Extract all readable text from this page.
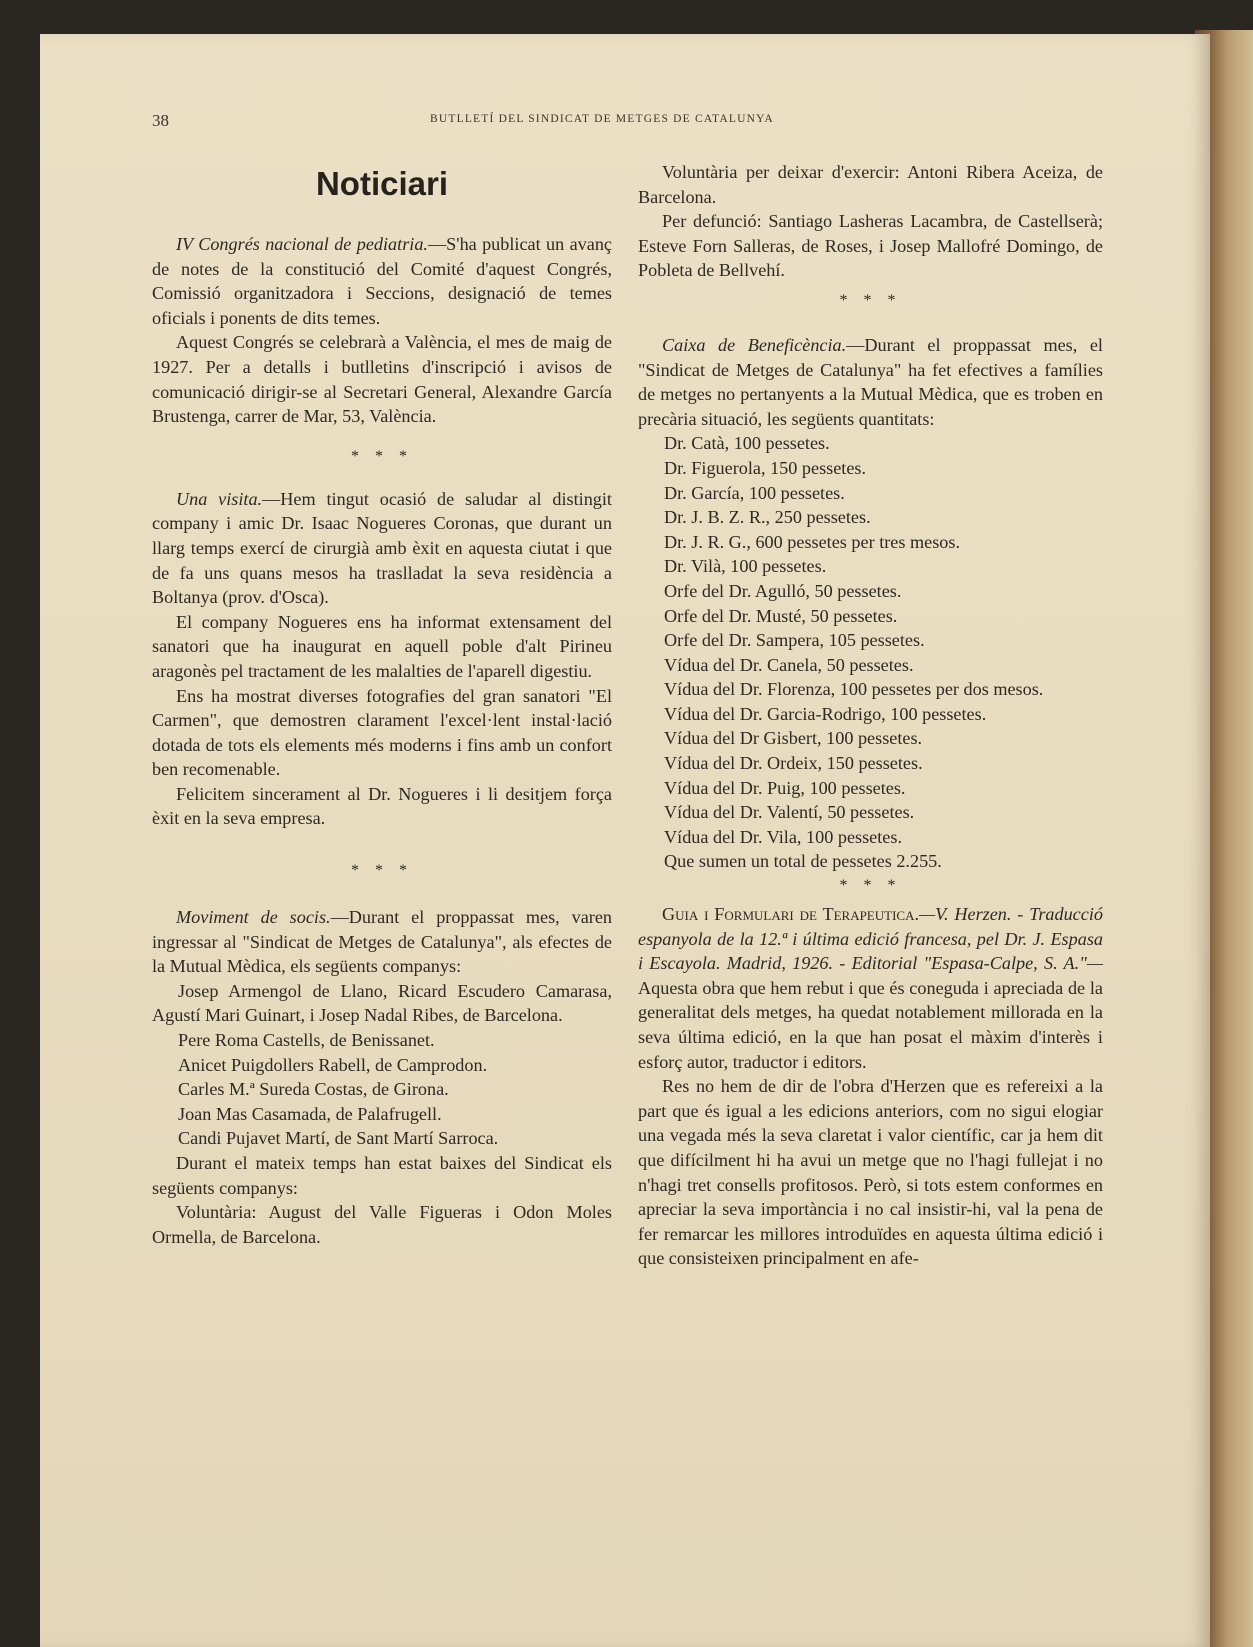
38	BUTLLETÍ DEL SINDICAT DE METGES DE CATALUNYA
Noticiari

IV Congrés nacional de pediatria.—S'ha publicat un avanç de notes de la constitució del Comité d'aquest Congrés, Comissió organitzadora i Seccions, designació de temes oficials i ponents de dits temes.

Aquest Congrés se celebrarà a València, el mes de maig de 1927. Per a detalls i butlletins d'inscripció i avisos de comunicació dirigir-se al Secretari General, Alexandre García Brustenga, carrer de Mar, 53, València.

* * *

Una visita.—Hem tingut ocasió de saludar al distingit company i amic Dr. Isaac Nogueres Coronas, que durant un llarg temps exercí de cirurgià amb èxit en aquesta ciutat i que de fa uns quans mesos ha traslladat la seva residència a Boltanya (prov. d'Osca).

El company Nogueres ens ha informat extensament del sanatori que ha inaugurat en aquell poble d'alt Pirineu aragonès pel tractament de les malalties de l'aparell digestiu.

Ens ha mostrat diverses fotografies del gran sanatori "El Carmen", que demostren clarament l'excel·lent instal·lació dotada de tots els elements més moderns i fins amb un confort ben recomenable.

Felicitem sincerament al Dr. Nogueres i li desitjem força èxit en la seva empresa.

* * *

Moviment de socis.—Durant el proppassat mes, varen ingressar al "Sindicat de Metges de Catalunya", als efectes de la Mutual Mèdica, els següents companys:

Josep Armengol de Llano, Ricard Escudero Camarasa, Agustí Mari Guinart, i Josep Nadal Ribes, de Barcelona.

Pere Roma Castells, de Benissanet.

Anicet Puigdollers Rabell, de Camprodon.

Carles M.ª Sureda Costas, de Girona.

Joan Mas Casamada, de Palafrugell.

Candi Pujavet Martí, de Sant Martí Sarroca.

Durant el mateix temps han estat baixes del Sindicat els següents companys:

Voluntària: August del Valle Figueras i Odon Moles Ormella, de Barcelona.

Voluntària per deixar d'exercir: Antoni Ribera Aceiza, de Barcelona.

Per defunció: Santiago Lasheras Lacambra, de Castellserà; Esteve Forn Salleras, de Roses, i Josep Mallofré Domingo, de Pobleta de Bellvehí.

* * *

Caixa de Beneficència.—Durant el proppassat mes, el "Sindicat de Metges de Catalunya" ha fet efectives a famílies de metges no pertanyents a la Mutual Mèdica, que es troben en precària situació, les següents quantitats:

Dr. Catà, 100 pessetes.

Dr. Figuerola, 150 pessetes.

Dr. García, 100 pessetes.

Dr. J. B. Z. R., 250 pessetes.

Dr. J. R. G., 600 pessetes per tres mesos.

Dr. Vilà, 100 pessetes.

Orfe del Dr. Agulló, 50 pessetes.

Orfe del Dr. Musté, 50 pessetes.

Orfe del Dr. Sampera, 105 pessetes.

Vídua del Dr. Canela, 50 pessetes.

Vídua del Dr. Florenza, 100 pessetes per dos mesos.

Vídua del Dr. Garcia-Rodrigo, 100 pessetes.

Vídua del Dr Gisbert, 100 pessetes.

Vídua del Dr. Ordeix, 150 pessetes.

Vídua del Dr. Puig, 100 pessetes.

Vídua del Dr. Valentí, 50 pessetes.

Vídua del Dr. Vila, 100 pessetes.

Que sumen un total de pessetes 2.255.

* * *

Guia i Formulari de Terapeutica.—V. Herzen. - Traducció espanyola de la 12.ª i última edició francesa, pel Dr. J. Espasa i Escayola. Madrid, 1926. - Editorial "Espasa-Calpe, S. A."— Aquesta obra que hem rebut i que és coneguda i apreciada de la generalitat dels metges, ha quedat notablement millorada en la seva última edició, en la que han posat el màxim d'interès i esforç autor, traductor i editors.

Res no hem de dir de l'obra d'Herzen que es refereixi a la part que és igual a les edicions anteriors, com no sigui elogiar una vegada més la seva claretat i valor científic, car ja hem dit que difícilment hi ha avui un metge que no l'hagi fullejat i no n'hagi tret consells profitosos. Però, si tots estem conformes en apreciar la seva importància i no cal insistir-hi, val la pena de fer remarcar les millores introduïdes en aquesta última edició i que consisteixen principalment en afe-
